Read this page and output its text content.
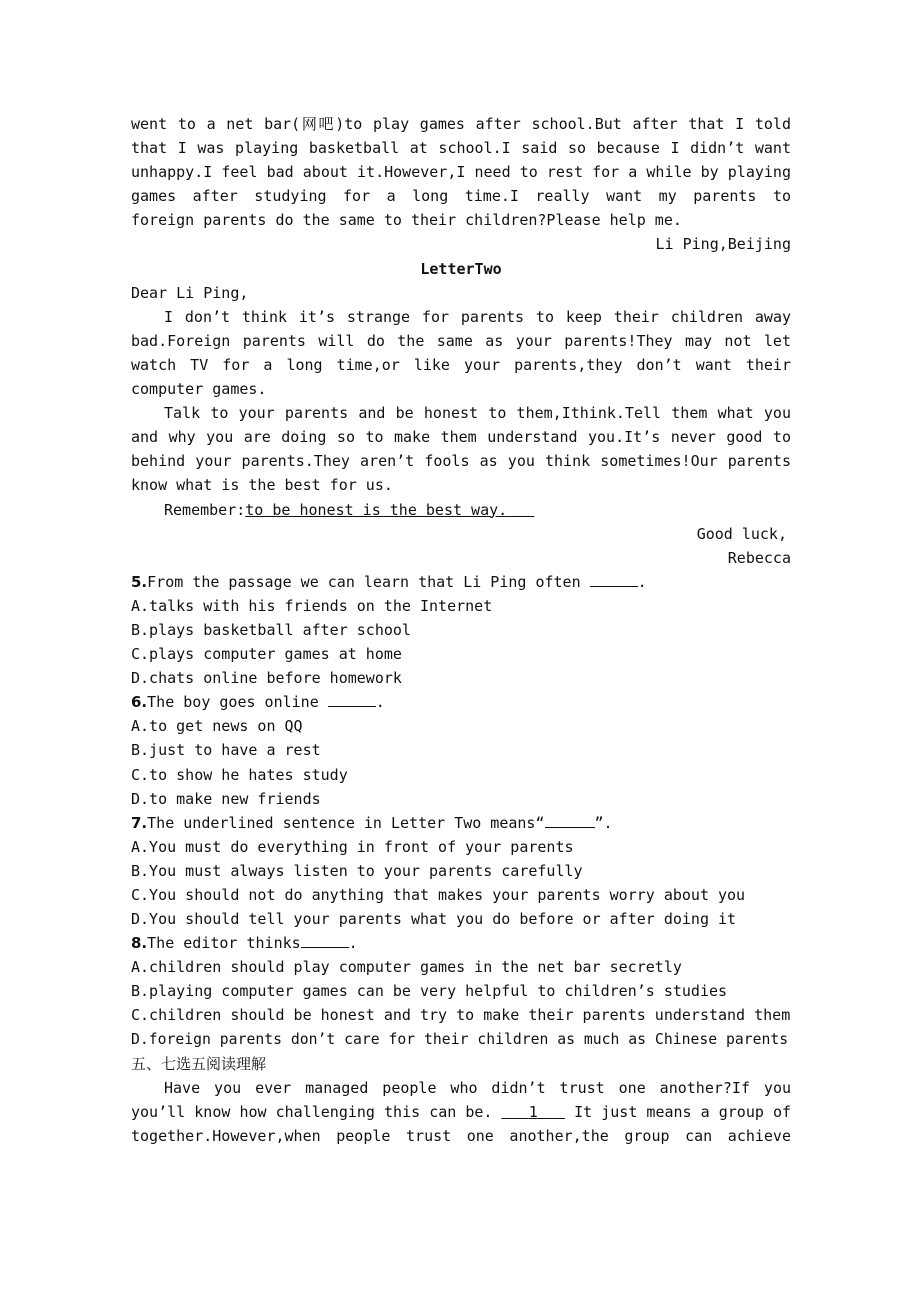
went to a net bar(网吧)to play games after school.But after that I told
that I was playing basketball at school.I said so because I didn’t want
unhappy.I feel bad about it.However,I need to rest for a while by playing
games after studying for a long time.I really want my parents to
foreign parents do the same to their children?Please help me.
Li Ping,Beijing
LetterTwo
Dear Li Ping,
I don’t think it’s strange for parents to keep their children away
bad.Foreign parents will do the same as your parents!They may not let
watch TV for a long time,or like your parents,they don’t want their
computer games.
Talk to your parents and be honest to them,Ithink.Tell them what you
and why you are doing so to make them understand you.It’s never good to
behind your parents.They aren’t fools as you think sometimes!Our parents
know what is the best for us.
Remember:to be honest is the best way.
Good luck,
Rebecca
5.From the passage we can learn that Li Ping often	.
A.talks with his friends on the Internet
B.plays basketball after school
C.plays computer games at home
D.chats online before homework
6.The boy goes online	.
A.to get news on QQ
B.just to have a rest
C.to show he hates study
D.to make new friends
7.The underlined sentence in Letter Two means“	”.
A.You must do everything in front of your parents
B.You must always listen to your parents carefully
C.You should not do anything that makes your parents worry about you
D.You should tell your parents what you do before or after doing it
8.The editor thinks	.
A.children should play computer games in the net bar secretly
B.playing computer games can be very helpful to children’s studies
C.children should be honest and try to make their parents understand them
D.foreign parents don’t care for their children as much as Chinese parents
五、七选五阅读理解
Have you ever managed people who didn’t trust one another?If you
you’ll know how challenging this can be. 1 It just means a group of
together.However,when people trust one another,the group can achieve
